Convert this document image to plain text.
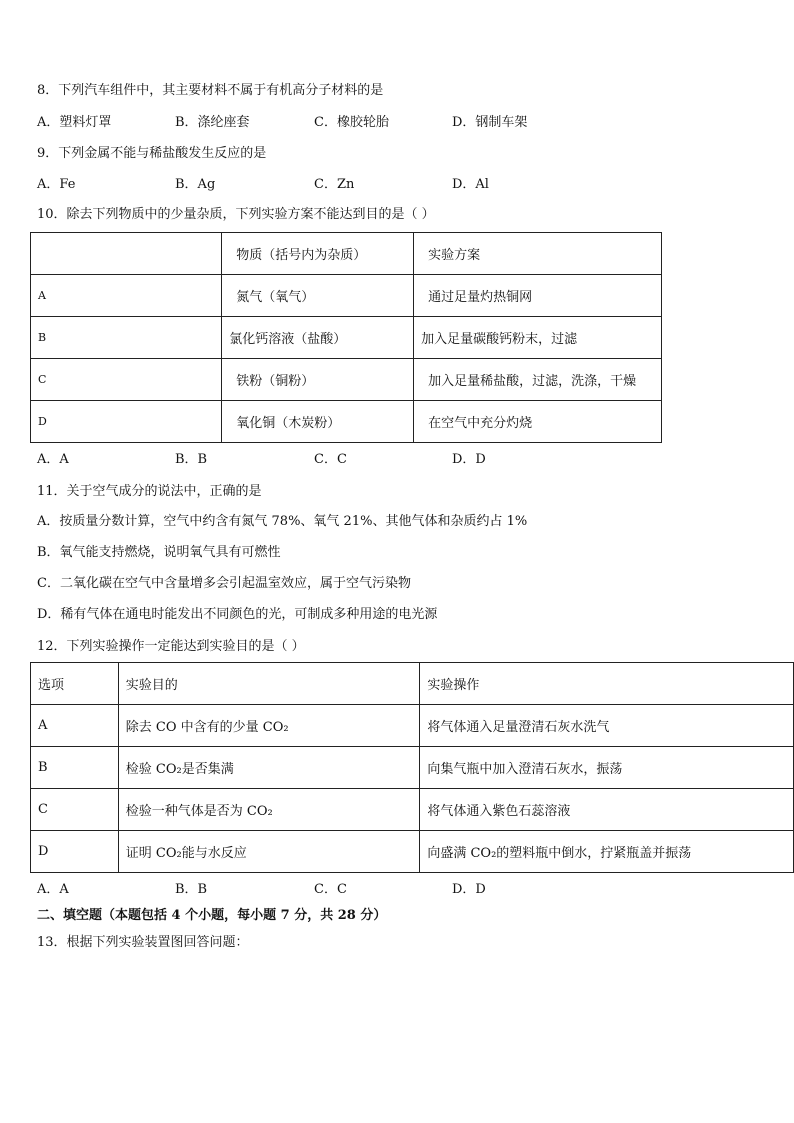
8．下列汽车组件中，其主要材料不属于有机高分子材料的是
A．塑料灯罩	B．涤纶座套	C．橡胶轮胎	D．钢制车架
9．下列金属不能与稀盐酸发生反应的是
A．Fe	B．Ag	C．Zn	D．Al
10．除去下列物质中的少量杂质，下列实验方案不能达到目的是（ ）
	物质（括号内为杂质）	实验方案
A	氮气（氧气）	通过足量灼热铜网
B	氯化钙溶液（盐酸）	加入足量碳酸钙粉末，过滤
C	铁粉（铜粉）	加入足量稀盐酸，过滤，洗涤，干燥
D	氧化铜（木炭粉）	在空气中充分灼烧
A．A	B．B	C．C	D．D
11．关于空气成分的说法中，正确的是
A．按质量分数计算，空气中约含有氮气 78%、氧气 21%、其他气体和杂质约占 1%
B．氧气能支持燃烧，说明氧气具有可燃性
C．二氧化碳在空气中含量增多会引起温室效应，属于空气污染物
D．稀有气体在通电时能发出不同颜色的光，可制成多种用途的电光源
12．下列实验操作一定能达到实验目的是（ ）
选项	实验目的	实验操作
A	除去 CO 中含有的少量 CO₂	将气体通入足量澄清石灰水洗气
B	检验 CO₂是否集满	向集气瓶中加入澄清石灰水，振荡
C	检验一种气体是否为 CO₂	将气体通入紫色石蕊溶液
D	证明 CO₂能与水反应	向盛满 CO₂的塑料瓶中倒水，拧紧瓶盖并振荡
A．A	B．B	C．C	D．D
二、填空题（本题包括 4 个小题，每小题 7 分，共 28 分）
13．根据下列实验装置图回答问题：
